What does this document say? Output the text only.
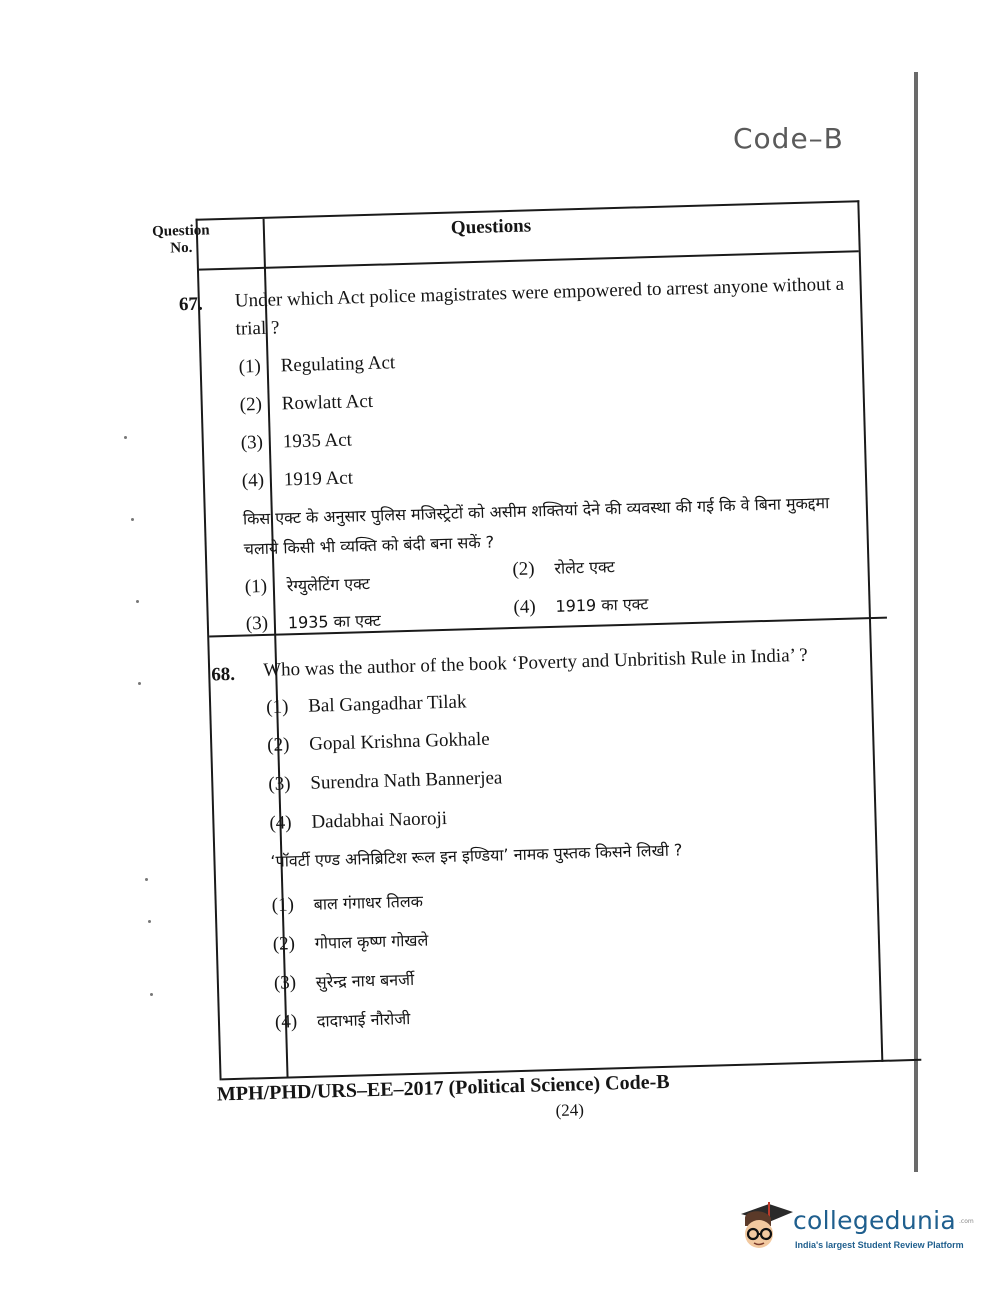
Code–B
Question No.
Questions
67. Under which Act police magistrates were empowered to arrest anyone without a trial ?
(1) Regulating Act
(2) Rowlatt Act
(3) 1935 Act
(4) 1919 Act
किस एक्ट के अनुसार पुलिस मजिस्ट्रेटों को असीम शक्तियां देने की व्यवस्था की गई कि वे बिना मुकद्दमा
चलाये किसी भी व्यक्ति को बंदी बना सकें ?
(1) रेग्युलेटिंग एक्ट
(2) रोलेट एक्ट
(3) 1935 का एक्ट
(4) 1919 का एक्ट
68. Who was the author of the book ‘Poverty and Unbritish Rule in India’ ?
(1) Bal Gangadhar Tilak
(2) Gopal Krishna Gokhale
(3) Surendra Nath Bannerjea
(4) Dadabhai Naoroji
‘पॉवर्टी एण्ड अनिब्रिटिश रूल इन इण्डिया’ नामक पुस्तक किसने लिखी ?
(1) बाल गंगाधर तिलक
(2) गोपाल कृष्ण गोखले
(3) सुरेन्द्र नाथ बनर्जी
(4) दादाभाई नौरोजी
MPH/PHD/URS–EE–2017 (Political Science) Code-B
(24)
collegedunia .com
India's largest Student Review Platform
